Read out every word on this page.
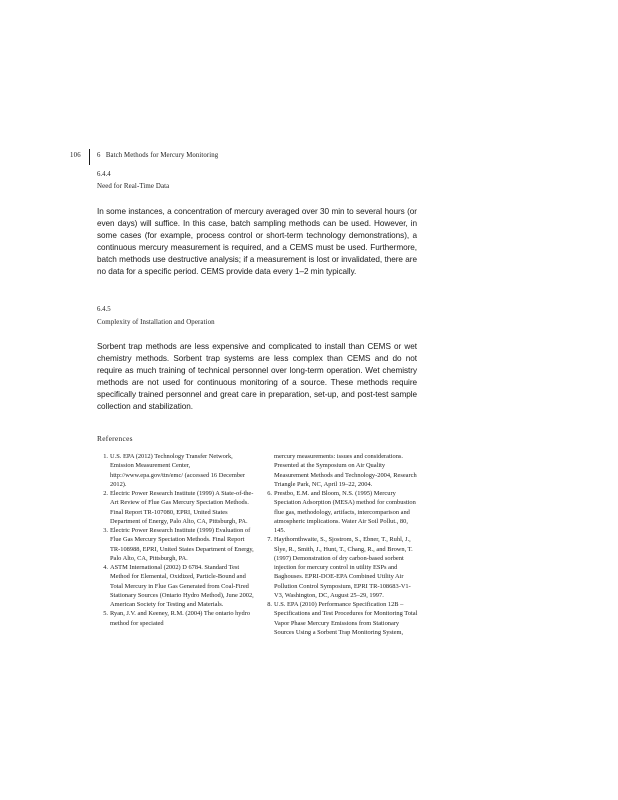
106 6   Batch Methods for Mercury Monitoring
6.4.4
Need for Real-Time Data

In some instances, a concentration of mercury averaged over 30 min to several hours (or even days) will suffice. In this case, batch sampling methods can be used. However, in some cases (for example, process control or short-term technology demonstrations), a continuous mercury measurement is required, and a CEMS must be used. Furthermore, batch methods use destructive analysis; if a measurement is lost or invalidated, there are no data for a specific period. CEMS provide data every 1–2 min typically.

6.4.5
Complexity of Installation and Operation

Sorbent trap methods are less expensive and complicated to install than CEMS or wet chemistry methods. Sorbent trap systems are less complex than CEMS and do not require as much training of technical personnel over long-term operation. Wet chemistry methods are not used for continuous monitoring of a source. These methods require specifically trained personnel and great care in preparation, set-up, and post-test sample collection and stabilization.

References
1. U.S. EPA (2012) Technology Transfer Network, Emission Measurement Center, http://www.epa.gov/ttn/emc/ (accessed 16 December 2012).
2. Electric Power Research Institute (1999) A State-of-the-Art Review of Flue Gas Mercury Speciation Methods. Final Report TR-107080, EPRI, United States Department of Energy, Palo Alto, CA, Pittsburgh, PA.
3. Electric Power Research Institute (1999) Evaluation of Flue Gas Mercury Speciation Methods. Final Report TR-108988, EPRI, United States Department of Energy, Palo Alto, CA, Pittsburgh, PA.
4. ASTM International (2002) D 6784. Standard Test Method for Elemental, Oxidized, Particle-Bound and Total Mercury in Flue Gas Generated from Coal-Fired Stationary Sources (Ontario Hydro Method), June 2002, American Society for Testing and Materials.
5. Ryan, J.V. and Keeney, R.M. (2004) The ontario hydro method for speciated
mercury measurements: issues and considerations. Presented at the Symposium on Air Quality Measurement Methods and Technology-2004, Research Triangle Park, NC, April 19–22, 2004.
6. Prestbo, E.M. and Bloom, N.S. (1995) Mercury Speciation Adsorption (MESA) method for combustion flue gas, methodology, artifacts, intercomparison and atmospheric implications. Water Air Soil Pollut., 80, 145.
7. Haythornthwaite, S., Sjostrom, S., Ebner, T., Ruhl, J., Slye, R., Smith, J., Hunt, T., Chang, R., and Brown, T. (1997) Demonstration of dry carbon-based sorbent injection for mercury control in utility ESPs and Baghouses. EPRI-DOE-EPA Combined Utility Air Pollution Control Symposium, EPRI TR-108683-V1-V3, Washington, DC, August 25–29, 1997.
8. U.S. EPA (2010) Performance Specification 12B – Specifications and Test Procedures for Monitoring Total Vapor Phase Mercury Emissions from Stationary Sources Using a Sorbent Trap Monitoring System,
